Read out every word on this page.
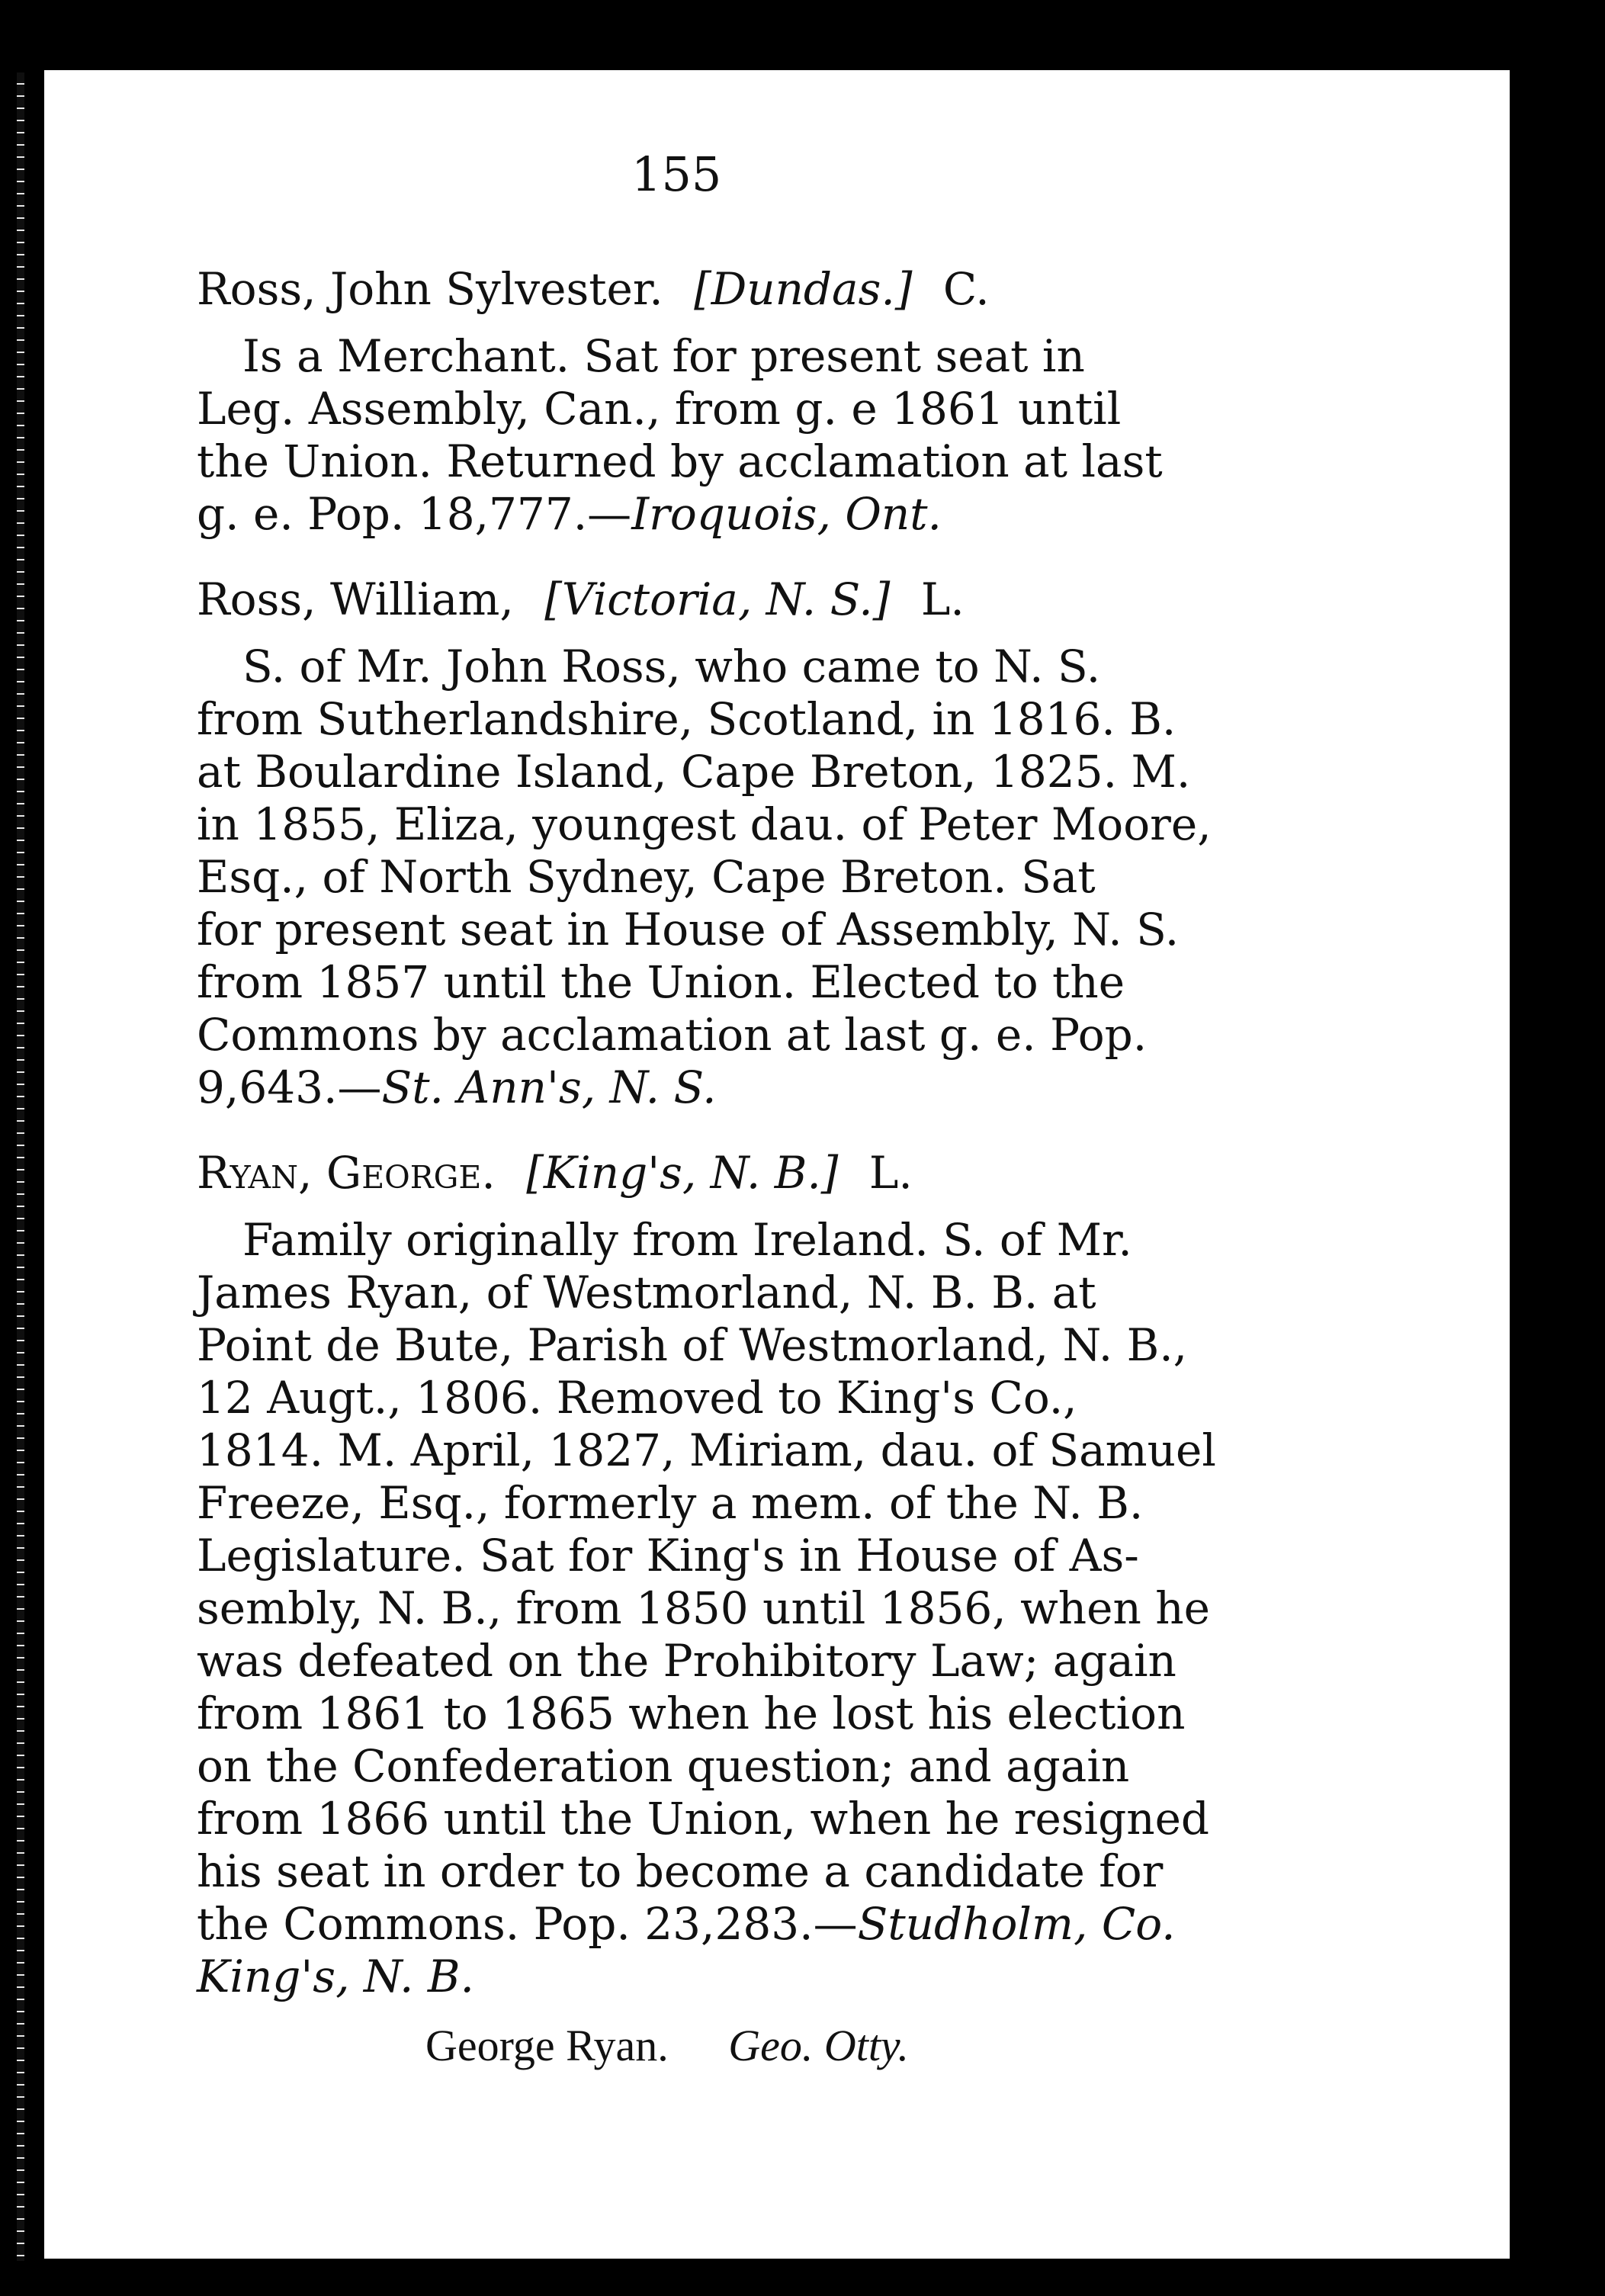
155
Ross, John Sylvester. [Dundas.] C.
Is a Merchant. Sat for present seat in
Leg. Assembly, Can., from g. e 1861 until
the Union. Returned by acclamation at last
g. e. Pop. 18,777.—Iroquois, Ont.
Ross, William, [Victoria, N. S.] L.
S. of Mr. John Ross, who came to N. S.
from Sutherlandshire, Scotland, in 1816. B.
at Boulardine Island, Cape Breton, 1825. M.
in 1855, Eliza, youngest dau. of Peter Moore,
Esq., of North Sydney, Cape Breton. Sat
for present seat in House of Assembly, N. S.
from 1857 until the Union. Elected to the
Commons by acclamation at last g. e. Pop.
9,643.—St. Ann's, N. S.
Ryan, George. [King's, N. B.] L.
Family originally from Ireland. S. of Mr.
James Ryan, of Westmorland, N. B. B. at
Point de Bute, Parish of Westmorland, N. B.,
12 Augt., 1806. Removed to King's Co.,
1814. M. April, 1827, Miriam, dau. of Samuel
Freeze, Esq., formerly a mem. of the N. B.
Legislature. Sat for King's in House of As-
sembly, N. B., from 1850 until 1856, when he
was defeated on the Prohibitory Law; again
from 1861 to 1865 when he lost his election
on the Confederation question; and again
from 1866 until the Union, when he resigned
his seat in order to become a candidate for
the Commons. Pop. 23,283.—Studholm, Co.
King's, N. B.
George Ryan. Geo. Otty.
